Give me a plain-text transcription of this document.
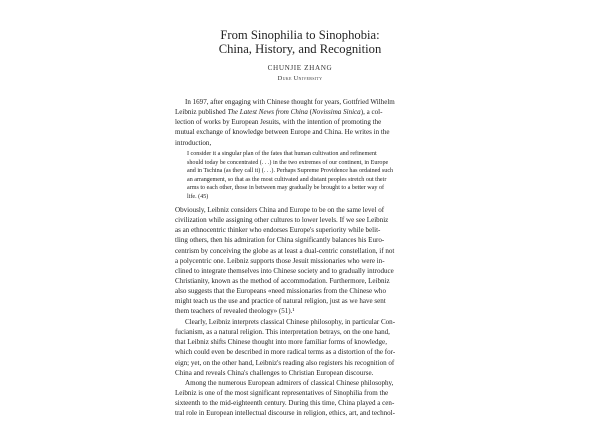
From Sinophilia to Sinophobia:
China, History, and Recognition
CHUNJIE ZHANG
Duke University
In 1697, after engaging with Chinese thought for years, Gottfried Wilhelm
Leibniz published The Latest News from China (Novissima Sinica), a col-
lection of works by European Jesuits, with the intention of promoting the
mutual exchange of knowledge between Europe and China. He writes in the
introduction,
I consider it a singular plan of the fates that human cultivation and refinement
should today be concentrated (. . .) in the two extremes of our continent, in Europe
and in Tschina (as they call it) (. . .). Perhaps Supreme Providence has ordained such
an arrangement, so that as the most cultivated and distant peoples stretch out their
arms to each other, those in between may gradually be brought to a better way of
life. (45)
Obviously, Leibniz considers China and Europe to be on the same level of
civilization while assigning other cultures to lower levels. If we see Leibniz
as an ethnocentric thinker who endorses Europe's superiority while belit-
tling others, then his admiration for China significantly balances his Euro-
centrism by conceiving the globe as at least a dual-centric constellation, if not
a polycentric one. Leibniz supports those Jesuit missionaries who were in-
clined to integrate themselves into Chinese society and to gradually introduce
Christianity, known as the method of accommodation. Furthermore, Leibniz
also suggests that the Europeans «need missionaries from the Chinese who
might teach us the use and practice of natural religion, just as we have sent
them teachers of revealed theology» (51).¹
Clearly, Leibniz interprets classical Chinese philosophy, in particular Con-
fucianism, as a natural religion. This interpretation betrays, on the one hand,
that Leibniz shifts Chinese thought into more familiar forms of knowledge,
which could even be described in more radical terms as a distortion of the for-
eign; yet, on the other hand, Leibniz's reading also registers his recognition of
China and reveals China's challenges to Christian European discourse.
Among the numerous European admirers of classical Chinese philosophy,
Leibniz is one of the most significant representatives of Sinophilia from the
sixteenth to the mid-eighteenth century. During this time, China played a cen-
tral role in European intellectual discourse in religion, ethics, art, and technol-
